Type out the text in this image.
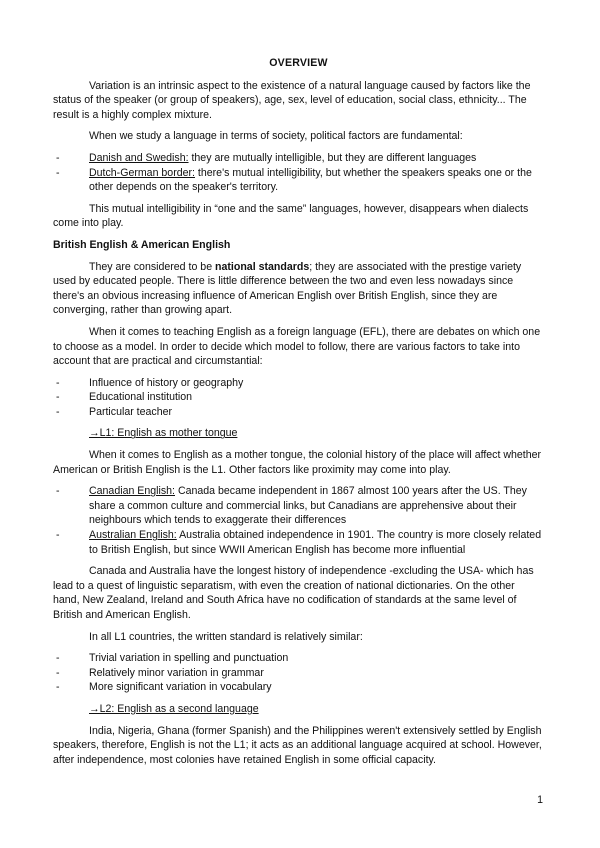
OVERVIEW

Variation is an intrinsic aspect to the existence of a natural language caused by factors like the status of the speaker (or group of speakers), age, sex, level of education, social class, ethnicity... The result is a highly complex mixture.

When we study a language in terms of society, political factors are fundamental:

- Danish and Swedish: they are mutually intelligible, but they are different languages
- Dutch-German border: there's mutual intelligibility, but whether the speakers speaks one or the other depends on the speaker's territory.

This mutual intelligibility in “one and the same” languages, however, disappears when dialects come into play.

British English & American English

They are considered to be national standards; they are associated with the prestige variety used by educated people. There is little difference between the two and even less nowadays since there's an obvious increasing influence of American English over British English, since they are converging, rather than growing apart.

When it comes to teaching English as a foreign language (EFL), there are debates on which one to choose as a model. In order to decide which model to follow, there are various factors to take into account that are practical and circumstantial:

- Influence of history or geography
- Educational institution
- Particular teacher

→L1: English as mother tongue

When it comes to English as a mother tongue, the colonial history of the place will affect whether American or British English is the L1. Other factors like proximity may come into play.

- Canadian English: Canada became independent in 1867 almost 100 years after the US. They share a common culture and commercial links, but Canadians are apprehensive about their neighbours which tends to exaggerate their differences
- Australian English: Australia obtained independence in 1901. The country is more closely related to British English, but since WWII American English has become more influential

Canada and Australia have the longest history of independence -excluding the USA- which has lead to a quest of linguistic separatism, with even the creation of national dictionaries. On the other hand, New Zealand, Ireland and South Africa have no codification of standards at the same level of British and American English.

In all L1 countries, the written standard is relatively similar:

- Trivial variation in spelling and punctuation
- Relatively minor variation in grammar
- More significant variation in vocabulary

→L2: English as a second language

India, Nigeria, Ghana (former Spanish) and the Philippines weren't extensively settled by English speakers, therefore, English is not the L1; it acts as an additional language acquired at school. However, after independence, most colonies have retained English in some official capacity.

1
